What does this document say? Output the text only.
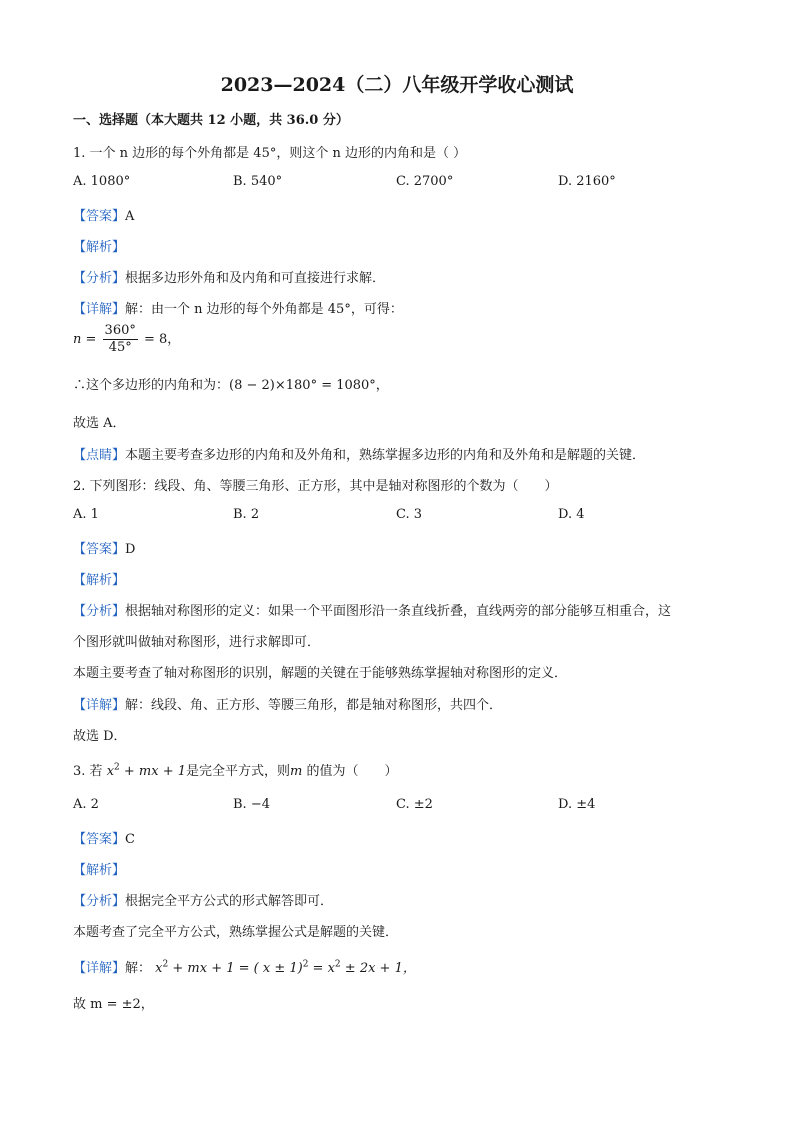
2023—2024（二）八年级开学收心测试
一、选择题（本大题共 12 小题，共 36.0 分）
1. 一个 n 边形的每个外角都是 45°，则这个 n 边形的内角和是（ ）
A. 1080°	B. 540°	C. 2700°	D. 2160°
【答案】A
【解析】
【分析】根据多边形外角和及内角和可直接进行求解．
【详解】解：由一个 n 边形的每个外角都是 45°，可得：
$n = \frac{360^\circ}{45^\circ} = 8$，
∴这个多边形的内角和为：(8 − 2)×180° = 1080°，
故选 A．
【点睛】本题主要考查多边形的内角和及外角和，熟练掌握多边形的内角和及外角和是解题的关键．
2. 下列图形：线段、角、等腰三角形、正方形，其中是轴对称图形的个数为（　　）
A. 1	B. 2	C. 3	D. 4
【答案】D
【解析】
【分析】根据轴对称图形的定义：如果一个平面图形沿一条直线折叠，直线两旁的部分能够互相重合，这
个图形就叫做轴对称图形，进行求解即可．
本题主要考查了轴对称图形的识别，解题的关键在于能够熟练掌握轴对称图形的定义．
【详解】解：线段、角、正方形、等腰三角形，都是轴对称图形，共四个．
故选 D．
3. 若 $x^2$ + mx + 1是完全平方式，则m 的值为（　　）
A. 2	B. −4	C. ±2	D. ±4
【答案】C
【解析】
【分析】根据完全平方公式的形式解答即可．
本题考查了完全平方公式，熟练掌握公式是解题的关键．
【详解】解： $x^2$ + mx + 1 = ( $x \pm 1)^2 = x^2 \pm 2x + 1$，
故 m = ±2，
